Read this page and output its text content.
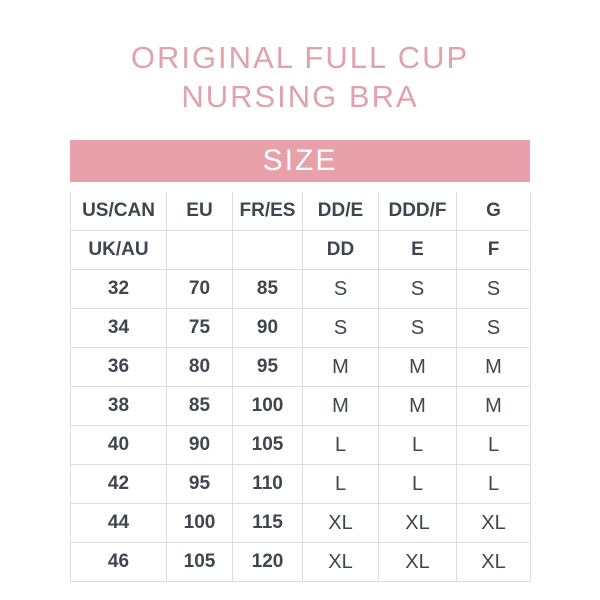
ORIGINAL FULL CUP
NURSING BRA
SIZE
US/CAN	EU	FR/ES	DD/E	DDD/F	G
UK/AU			DD	E	F
32	70	85	S	S	S
34	75	90	S	S	S
36	80	95	M	M	M
38	85	100	M	M	M
40	90	105	L	L	L
42	95	110	L	L	L
44	100	115	XL	XL	XL
46	105	120	XL	XL	XL
